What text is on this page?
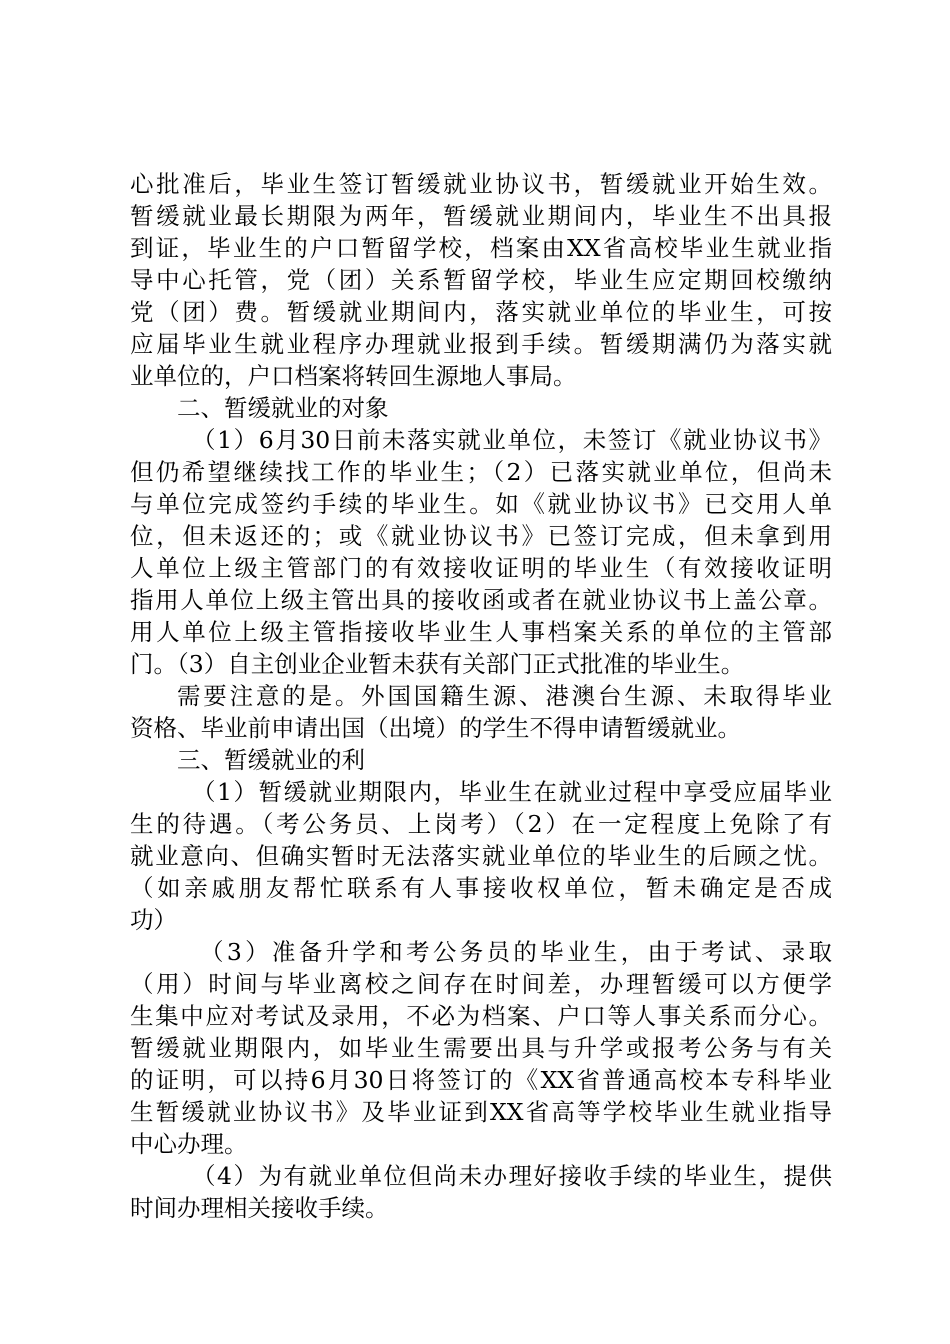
心批准后，毕业生签订暂缓就业协议书，暂缓就业开始生效。
暂缓就业最长期限为两年，暂缓就业期间内，毕业生不出具报
到证，毕业生的户口暂留学校，档案由XX省高校毕业生就业指
导中心托管，党（团）关系暂留学校，毕业生应定期回校缴纳
党（团）费。暂缓就业期间内，落实就业单位的毕业生，可按
应届毕业生就业程序办理就业报到手续。暂缓期满仍为落实就
业单位的，户口档案将转回生源地人事局。
二、暂缓就业的对象
（1）6月30日前未落实就业单位，未签订《就业协议书》
但仍希望继续找工作的毕业生；（2）已落实就业单位，但尚未
与单位完成签约手续的毕业生。如《就业协议书》已交用人单
位，但未返还的；或《就业协议书》已签订完成，但未拿到用
人单位上级主管部门的有效接收证明的毕业生（有效接收证明
指用人单位上级主管出具的接收函或者在就业协议书上盖公章。
用人单位上级主管指接收毕业生人事档案关系的单位的主管部
门。（3）自主创业企业暂未获有关部门正式批准的毕业生。
需要注意的是。外国国籍生源、港澳台生源、未取得毕业
资格、毕业前申请出国（出境）的学生不得申请暂缓就业。
三、暂缓就业的利
（1）暂缓就业期限内，毕业生在就业过程中享受应届毕业
生的待遇。（考公务员、上岗考）（2）在一定程度上免除了有
就业意向、但确实暂时无法落实就业单位的毕业生的后顾之忧。
（如亲戚朋友帮忙联系有人事接收权单位，暂未确定是否成
功）
（3）准备升学和考公务员的毕业生，由于考试、录取
（用）时间与毕业离校之间存在时间差，办理暂缓可以方便学
生集中应对考试及录用，不必为档案、户口等人事关系而分心。
暂缓就业期限内，如毕业生需要出具与升学或报考公务与有关
的证明，可以持6月30日将签订的《XX省普通高校本专科毕业
生暂缓就业协议书》及毕业证到XX省高等学校毕业生就业指导
中心办理。
（4）为有就业单位但尚未办理好接收手续的毕业生，提供
时间办理相关接收手续。
